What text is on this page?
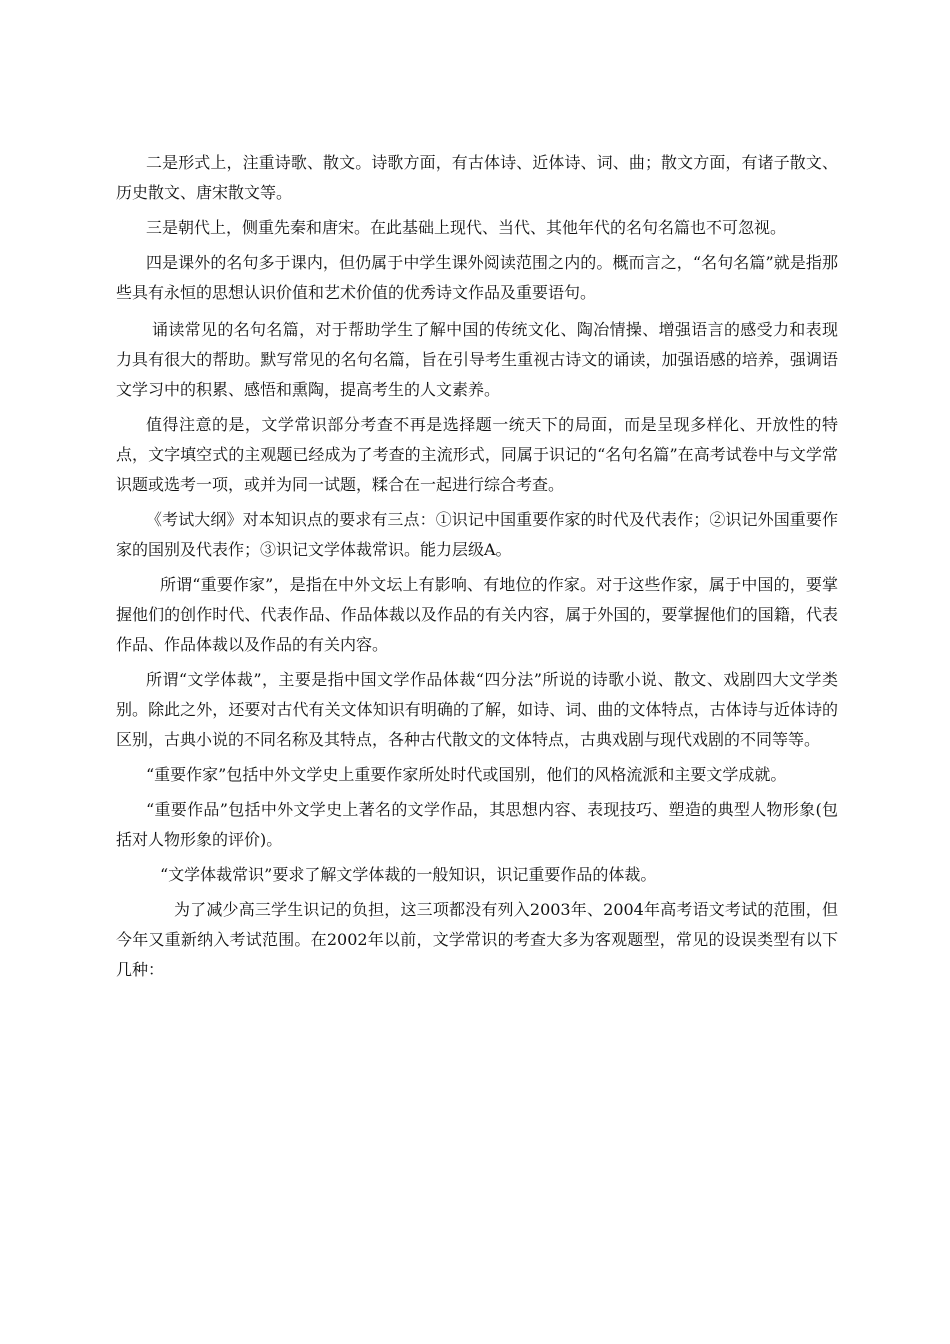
二是形式上，注重诗歌、散文。诗歌方面，有古体诗、近体诗、词、曲；散文方面，有诸子散文、历史散文、唐宋散文等。

三是朝代上，侧重先秦和唐宋。在此基础上现代、当代、其他年代的名句名篇也不可忽视。

四是课外的名句多于课内，但仍属于中学生课外阅读范围之内的。概而言之，“名句名篇”就是指那些具有永恒的思想认识价值和艺术价值的优秀诗文作品及重要语句。

诵读常见的名句名篇，对于帮助学生了解中国的传统文化、陶冶情操、增强语言的感受力和表现力具有很大的帮助。默写常见的名句名篇，旨在引导考生重视古诗文的诵读，加强语感的培养，强调语文学习中的积累、感悟和熏陶，提高考生的人文素养。

值得注意的是，文学常识部分考查不再是选择题一统天下的局面，而是呈现多样化、开放性的特点，文字填空式的主观题已经成为了考查的主流形式，同属于识记的“名句名篇”在高考试卷中与文学常识题或选考一项，或并为同一试题，糅合在一起进行综合考查。

《考试大纲》对本知识点的要求有三点：①识记中国重要作家的时代及代表作；②识记外国重要作家的国别及代表作；③识记文学体裁常识。能力层级A。

所谓“重要作家”，是指在中外文坛上有影响、有地位的作家。对于这些作家，属于中国的，要掌握他们的创作时代、代表作品、作品体裁以及作品的有关内容，属于外国的，要掌握他们的国籍，代表作品、作品体裁以及作品的有关内容。

所谓“文学体裁”，主要是指中国文学作品体裁“四分法”所说的诗歌小说、散文、戏剧四大文学类别。除此之外，还要对古代有关文体知识有明确的了解，如诗、词、曲的文体特点，古体诗与近体诗的区别，古典小说的不同名称及其特点，各种古代散文的文体特点，古典戏剧与现代戏剧的不同等等。

“重要作家”包括中外文学史上重要作家所处时代或国别，他们的风格流派和主要文学成就。

“重要作品”包括中外文学史上著名的文学作品，其思想内容、表现技巧、塑造的典型人物形象(包括对人物形象的评价)。

“文学体裁常识”要求了解文学体裁的一般知识，识记重要作品的体裁。

为了减少高三学生识记的负担，这三项都没有列入2003年、2004年高考语文考试的范围，但今年又重新纳入考试范围。在2002年以前，文学常识的考查大多为客观题型，常见的设误类型有以下几种：
